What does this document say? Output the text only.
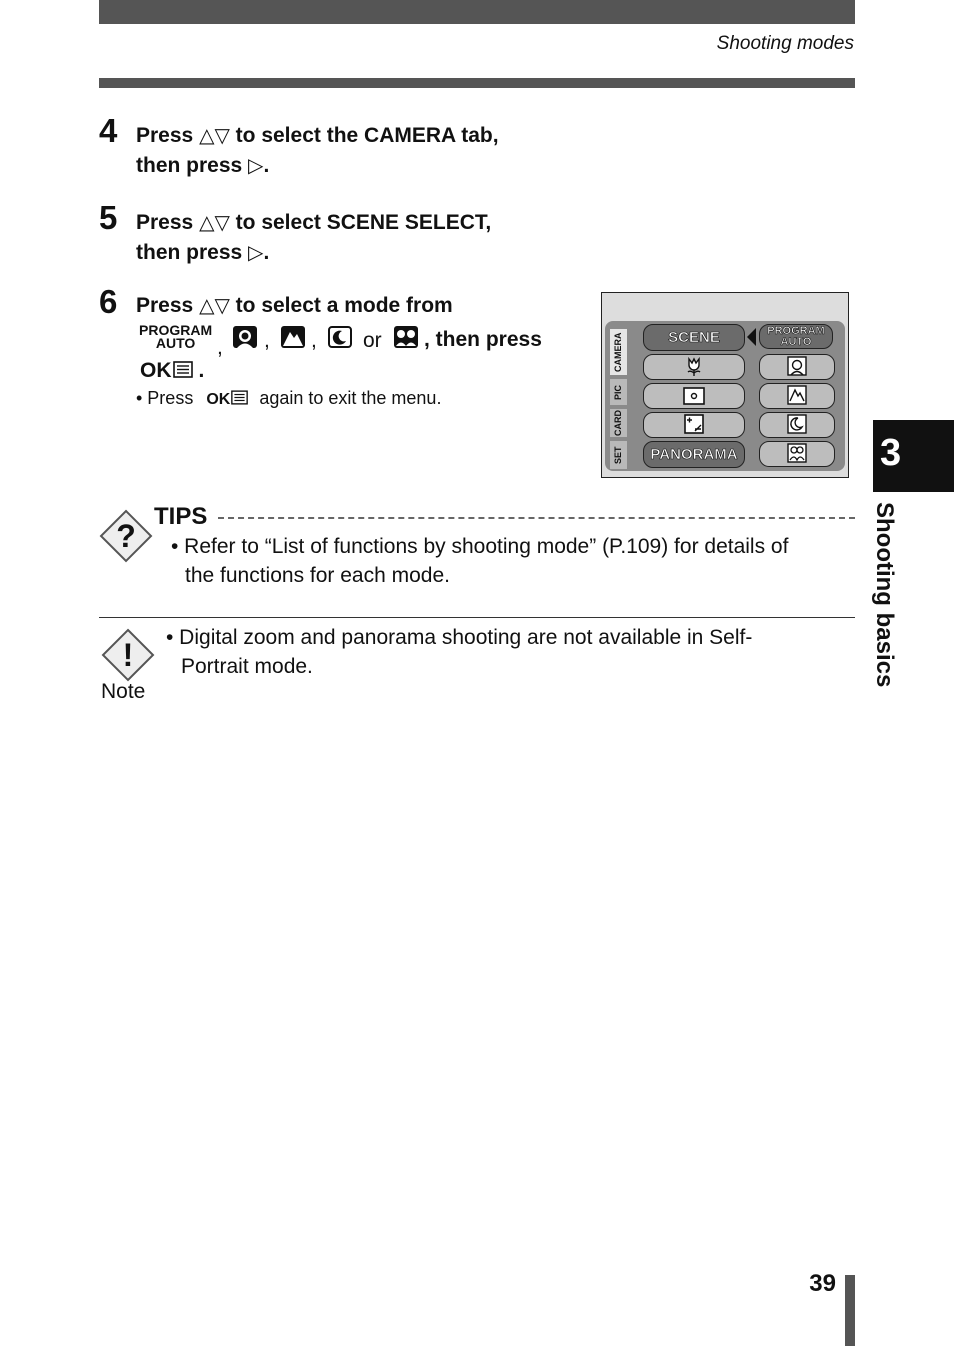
Shooting modes
4 Press △▽ to select the CAMERA tab,
then press ▷.
5 Press △▽ to select SCENE SELECT,
then press ▷.
6 Press △▽ to select a mode from
PROGRAM
AUTO	, , , or , then press
OK .
• Press OK again to exit the menu.
CAMERA
PIC
CARD
SET
SCENE
PANORAMA
PROGRAM
AUTO
?
TIPS
• Refer to “List of functions by shooting mode” (P.109) for details of
the functions for each mode.
!
Note
• Digital zoom and panorama shooting are not available in Self-
Portrait mode.
3
Shooting basics
39
